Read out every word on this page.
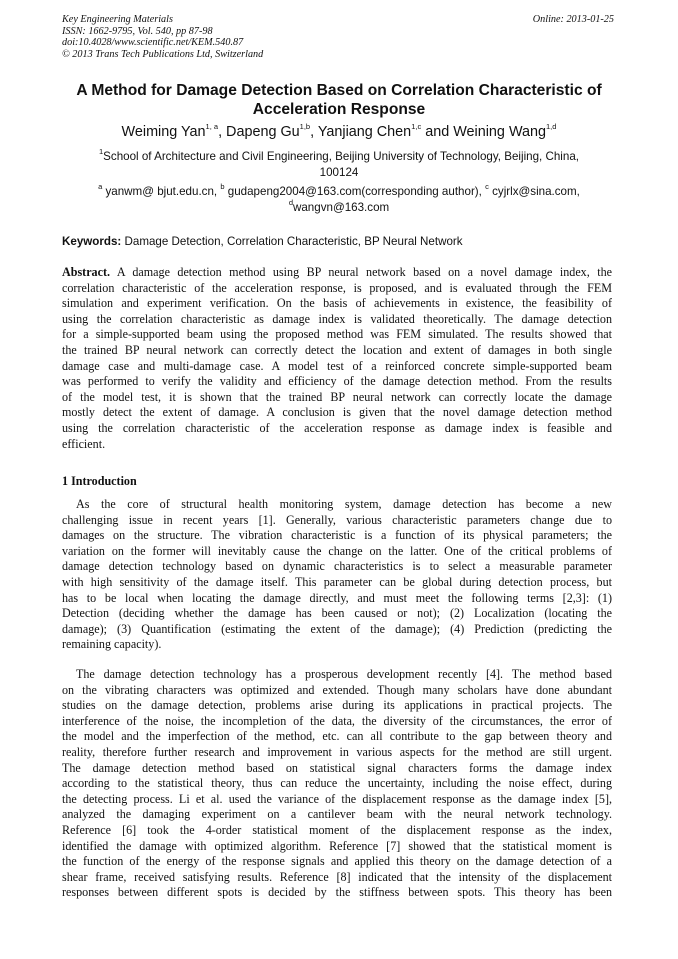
Key Engineering Materials
ISSN: 1662-9795, Vol. 540, pp 87-98
doi:10.4028/www.scientific.net/KEM.540.87
© 2013 Trans Tech Publications Ltd, Switzerland
Online: 2013-01-25
A Method for Damage Detection Based on Correlation Characteristic of
Acceleration Response
Weiming Yan$^{1, a}$, Dapeng Gu$^{1,b}$, Yanjiang Chen$^{1,c}$ and Weining Wang$^{1,d}$
$^1$School of Architecture and Civil Engineering, Beijing University of Technology, Beijing, China,
100124
$^a$ yanwm@ bjut.edu.cn, $^b$ gudapeng2004@163.com(corresponding author), $^c$ cyjrlx@sina.com,
$^d$wangvn@163.com
Keywords: Damage Detection, Correlation Characteristic, BP Neural Network
Abstract. A damage detection method using BP neural network based on a novel damage index, the
correlation characteristic of the acceleration response, is proposed, and is evaluated through the FEM
simulation and experiment verification. On the basis of achievements in existence, the feasibility of
using the correlation characteristic as damage index is validated theoretically. The damage detection
for a simple-supported beam using the proposed method was FEM simulated. The results showed that
the trained BP neural network can correctly detect the location and extent of damages in both single
damage case and multi-damage case. A model test of a reinforced concrete simple-supported beam
was performed to verify the validity and efficiency of the damage detection method. From the results
of the model test, it is shown that the trained BP neural network can correctly locate the damage
mostly detect the extent of damage. A conclusion is given that the novel damage detection method
using the correlation characteristic of the acceleration response as damage index is feasible and
efficient.
1 Introduction
As the core of structural health monitoring system, damage detection has become a new
challenging issue in recent years [1]. Generally, various characteristic parameters change due to
damages on the structure. The vibration characteristic is a function of its physical parameters; the
variation on the former will inevitably cause the change on the latter. One of the critical problems of
damage detection technology based on dynamic characteristics is to select a measurable parameter
with high sensitivity of the damage itself. This parameter can be global during detection process, but
has to be local when locating the damage directly, and must meet the following terms [2,3]: (1)
Detection (deciding whether the damage has been caused or not); (2) Localization (locating the
damage); (3) Quantification (estimating the extent of the damage); (4) Prediction (predicting the
remaining capacity).
The damage detection technology has a prosperous development recently [4]. The method based
on the vibrating characters was optimized and extended. Though many scholars have done abundant
studies on the damage detection, problems arise during its applications in practical projects. The
interference of the noise, the incompletion of the data, the diversity of the circumstances, the error of
the model and the imperfection of the method, etc. can all contribute to the gap between theory and
reality, therefore further research and improvement in various aspects for the method are still urgent.
The damage detection method based on statistical signal characters forms the damage index
according to the statistical theory, thus can reduce the uncertainty, including the noise effect, during
the detecting process. Li et al. used the variance of the displacement response as the damage index [5],
analyzed the damaging experiment on a cantilever beam with the neural network technology.
Reference [6] took the 4-order statistical moment of the displacement response as the index,
identified the damage with optimized algorithm. Reference [7] showed that the statistical moment is
the function of the energy of the response signals and applied this theory on the damage detection of a
shear frame, received satisfying results. Reference [8] indicated that the intensity of the displacement
responses between different spots is decided by the stiffness between spots. This theory has been
